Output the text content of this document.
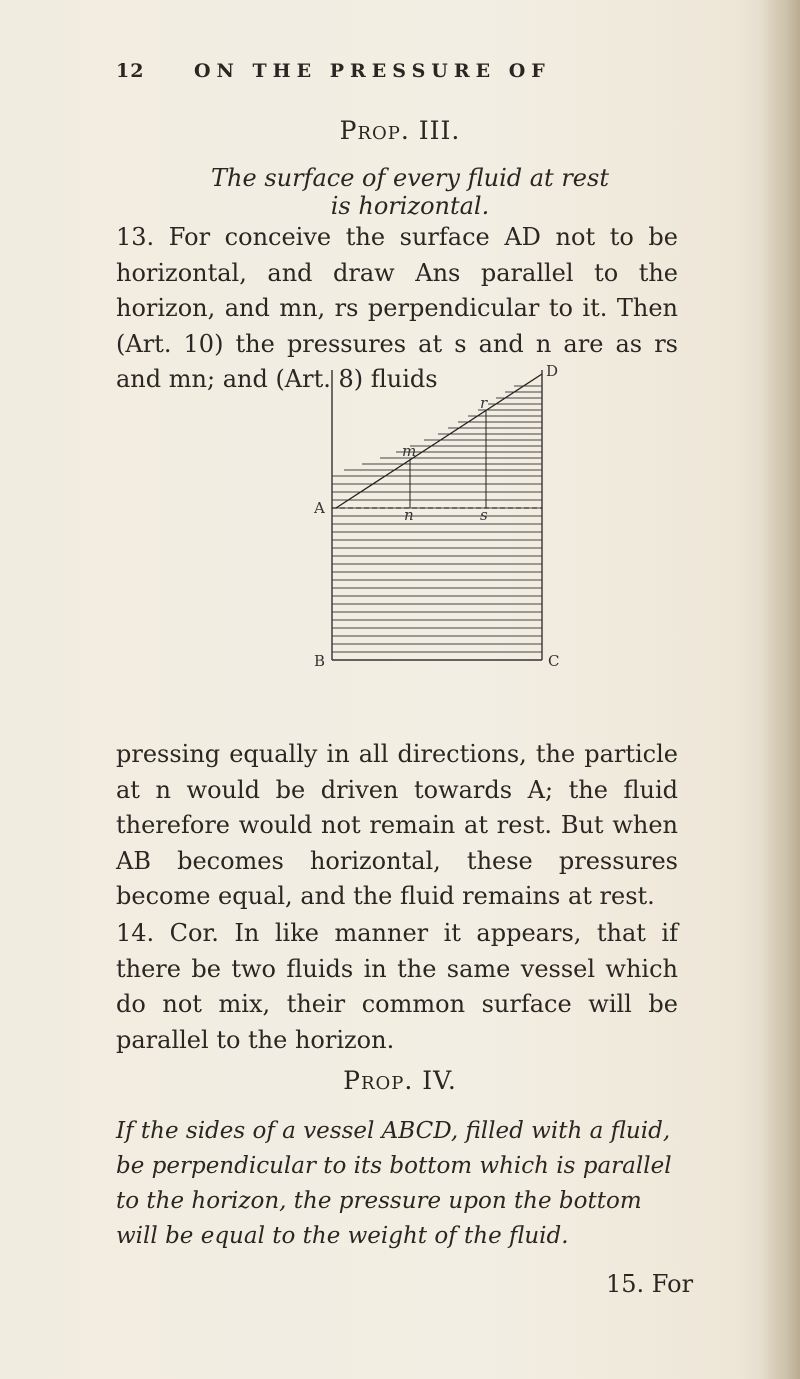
12	ON THE PRESSURE OF
Prop. III.
The surface of every fluid at rest is horizontal.
13. For conceive the surface AD not to be horizontal, and draw Ans parallel to the horizon, and mn, rs perpendicular to it. Then (Art. 10) the pressures at s and n are as rs and mn; and (Art. 8) fluids
A
B	C
D
m
r
n	s
pressing equally in all directions, the particle at n would be driven towards A; the fluid therefore would not remain at rest. But when AB becomes horizontal, these pressures become equal, and the fluid remains at rest.
14. Cor. In like manner it appears, that if there be two fluids in the same vessel which do not mix, their common surface will be parallel to the horizon.
Prop. IV.
If the sides of a vessel ABCD, filled with a fluid, be perpendicular to its bottom which is parallel to the horizon, the pressure upon the bottom will be equal to the weight of the fluid.
15. For
